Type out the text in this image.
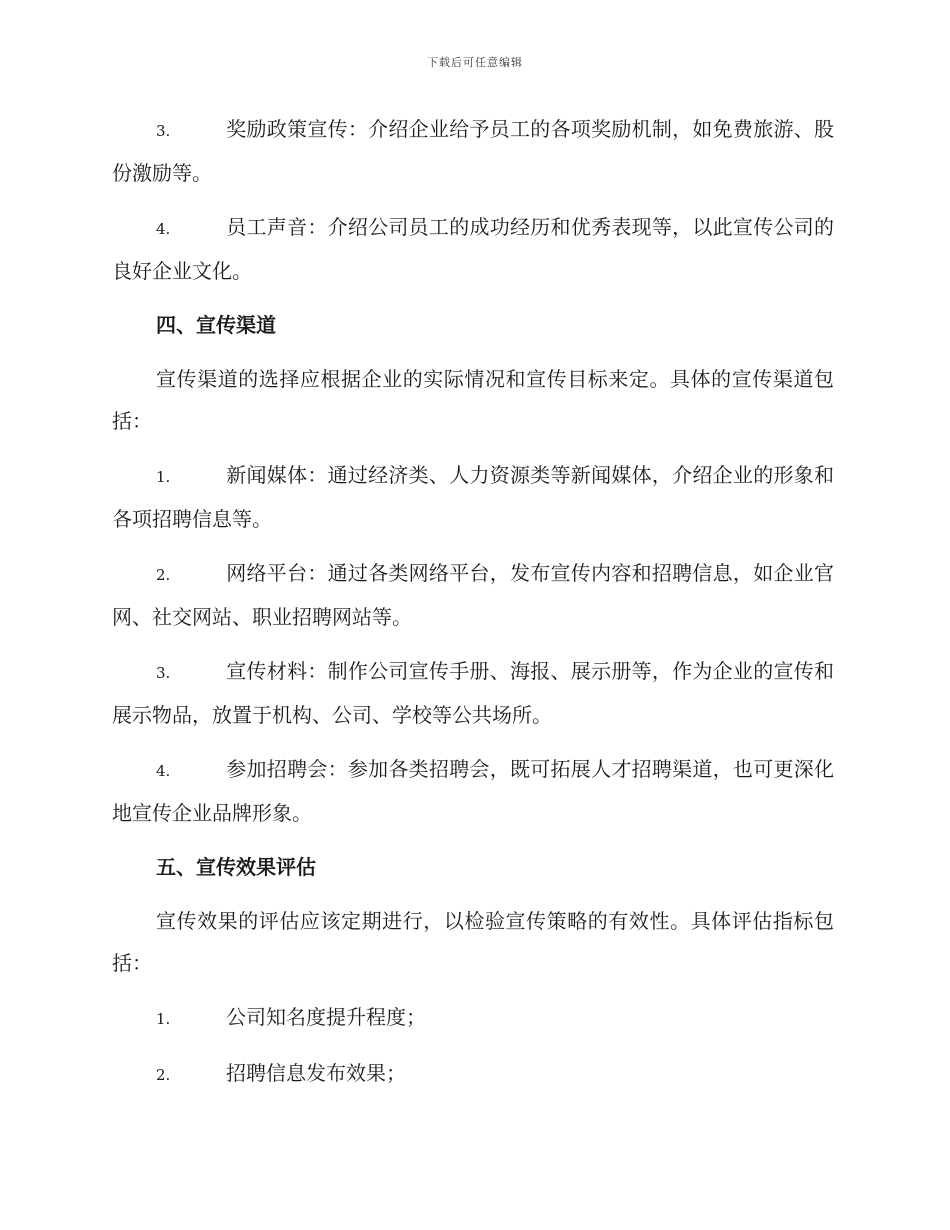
下载后可任意编辑

3.	奖励政策宣传：介绍企业给予员工的各项奖励机制，如免费旅游、股份激励等。

4.	员工声音：介绍公司员工的成功经历和优秀表现等，以此宣传公司的良好企业文化。

四、宣传渠道

宣传渠道的选择应根据企业的实际情况和宣传目标来定。具体的宣传渠道包括：

1.	新闻媒体：通过经济类、人力资源类等新闻媒体，介绍企业的形象和各项招聘信息等。

2.	网络平台：通过各类网络平台，发布宣传内容和招聘信息，如企业官网、社交网站、职业招聘网站等。

3.	宣传材料：制作公司宣传手册、海报、展示册等，作为企业的宣传和展示物品，放置于机构、公司、学校等公共场所。

4.	参加招聘会：参加各类招聘会，既可拓展人才招聘渠道，也可更深化地宣传企业品牌形象。

五、宣传效果评估

宣传效果的评估应该定期进行，以检验宣传策略的有效性。具体评估指标包括：

1.	公司知名度提升程度；

2.	招聘信息发布效果；
